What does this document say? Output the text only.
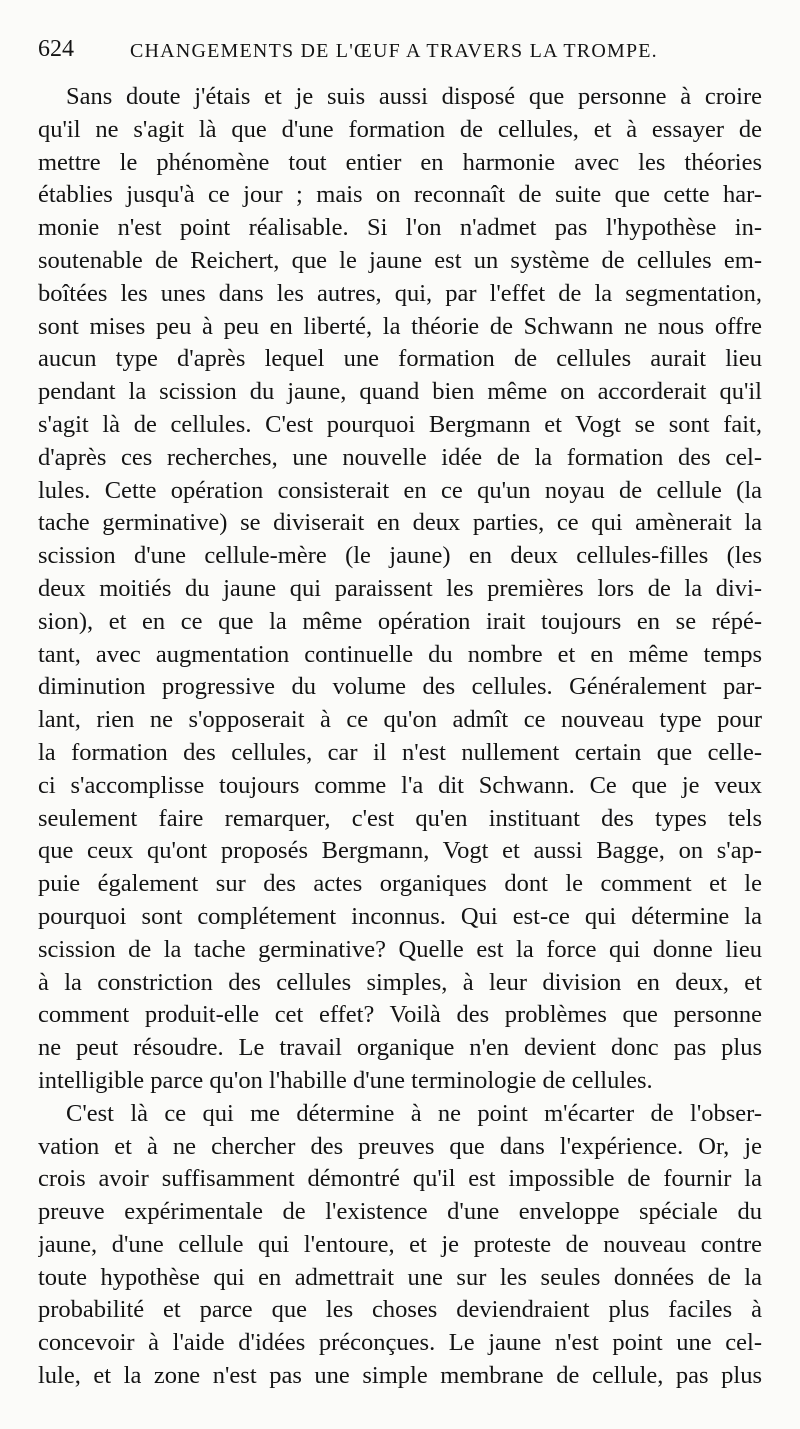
624	CHANGEMENTS DE L'ŒUF A TRAVERS LA TROMPE.
Sans doute j'étais et je suis aussi disposé que personne à croire
qu'il ne s'agit là que d'une formation de cellules, et à essayer de
mettre le phénomène tout entier en harmonie avec les théories
établies jusqu'à ce jour ; mais on reconnaît de suite que cette har-
monie n'est point réalisable. Si l'on n'admet pas l'hypothèse in-
soutenable de Reichert, que le jaune est un système de cellules em-
boîtées les unes dans les autres, qui, par l'effet de la segmentation,
sont mises peu à peu en liberté, la théorie de Schwann ne nous offre
aucun type d'après lequel une formation de cellules aurait lieu
pendant la scission du jaune, quand bien même on accorderait qu'il
s'agit là de cellules. C'est pourquoi Bergmann et Vogt se sont fait,
d'après ces recherches, une nouvelle idée de la formation des cel-
lules. Cette opération consisterait en ce qu'un noyau de cellule (la
tache germinative) se diviserait en deux parties, ce qui amènerait la
scission d'une cellule-mère (le jaune) en deux cellules-filles (les
deux moitiés du jaune qui paraissent les premières lors de la divi-
sion), et en ce que la même opération irait toujours en se répé-
tant, avec augmentation continuelle du nombre et en même temps
diminution progressive du volume des cellules. Généralement par-
lant, rien ne s'opposerait à ce qu'on admît ce nouveau type pour
la formation des cellules, car il n'est nullement certain que celle-
ci s'accomplisse toujours comme l'a dit Schwann. Ce que je veux
seulement faire remarquer, c'est qu'en instituant des types tels
que ceux qu'ont proposés Bergmann, Vogt et aussi Bagge, on s'ap-
puie également sur des actes organiques dont le comment et le
pourquoi sont complétement inconnus. Qui est-ce qui détermine la
scission de la tache germinative? Quelle est la force qui donne lieu
à la constriction des cellules simples, à leur division en deux, et
comment produit-elle cet effet? Voilà des problèmes que personne
ne peut résoudre. Le travail organique n'en devient donc pas plus
intelligible parce qu'on l'habille d'une terminologie de cellules.
C'est là ce qui me détermine à ne point m'écarter de l'obser-
vation et à ne chercher des preuves que dans l'expérience. Or, je
crois avoir suffisamment démontré qu'il est impossible de fournir la
preuve expérimentale de l'existence d'une enveloppe spéciale du
jaune, d'une cellule qui l'entoure, et je proteste de nouveau contre
toute hypothèse qui en admettrait une sur les seules données de la
probabilité et parce que les choses deviendraient plus faciles à
concevoir à l'aide d'idées préconçues. Le jaune n'est point une cel-
lule, et la zone n'est pas une simple membrane de cellule, pas plus
